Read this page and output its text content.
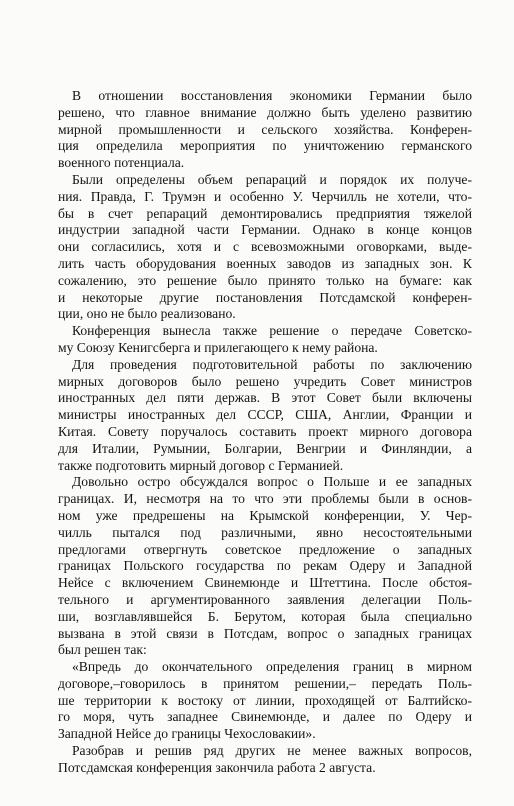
В отношении восстановления экономики Германии было
решено, что главное внимание должно быть уделено развитию
мирной промышленности и сельского хозяйства. Конферен-
ция определила мероприятия по уничтожению германского
военного потенциала.
Были определены объем репараций и порядок их получе-
ния. Правда, Г. Трумэн и особенно У. Черчилль не хотели, что-
бы в счет репараций демонтировались предприятия тяжелой
индустрии западной части Германии. Однако в конце концов
они согласились, хотя и с всевозможными оговорками, выде-
лить часть оборудования военных заводов из западных зон. К
сожалению, это решение было принято только на бумаге: как
и некоторые другие постановления Потсдамской конферен-
ции, оно не было реализовано.
Конференция вынесла также решение о передаче Советско-
му Союзу Кенигсберга и прилегающего к нему района.
Для проведения подготовительной работы по заключению
мирных договоров было решено учредить Совет министров
иностранных дел пяти держав. В этот Совет были включены
министры иностранных дел СССР, США, Англии, Франции и
Китая. Совету поручалось составить проект мирного договора
для Италии, Румынии, Болгарии, Венгрии и Финляндии, а
также подготовить мирный договор с Германией.
Довольно остро обсуждался вопрос о Польше и ее западных
границах. И, несмотря на то что эти проблемы были в основ-
ном уже предрешены на Крымской конференции, У. Чер-
чилль пытался под различными, явно несостоятельными
предлогами отвергнуть советское предложение о западных
границах Польского государства по рекам Одеру и Западной
Нейсе с включением Свинемюнде и Штеттина. После обстоя-
тельного и аргументированного заявления делегации Поль-
ши, возглавлявшейся Б. Берутом, которая была специально
вызвана в этой связи в Потсдам, вопрос о западных границах
был решен так:
«Впредь до окончательного определения границ в мирном
договоре,–говорилось в принятом решении,– передать Поль-
ше территории к востоку от линии, проходящей от Балтийско-
го моря, чуть западнее Свинемюнде, и далее по Одеру и
Западной Нейсе до границы Чехословакии».
Разобрав и решив ряд других не менее важных вопросов,
Потсдамская конференция закончила работа 2 августа.
